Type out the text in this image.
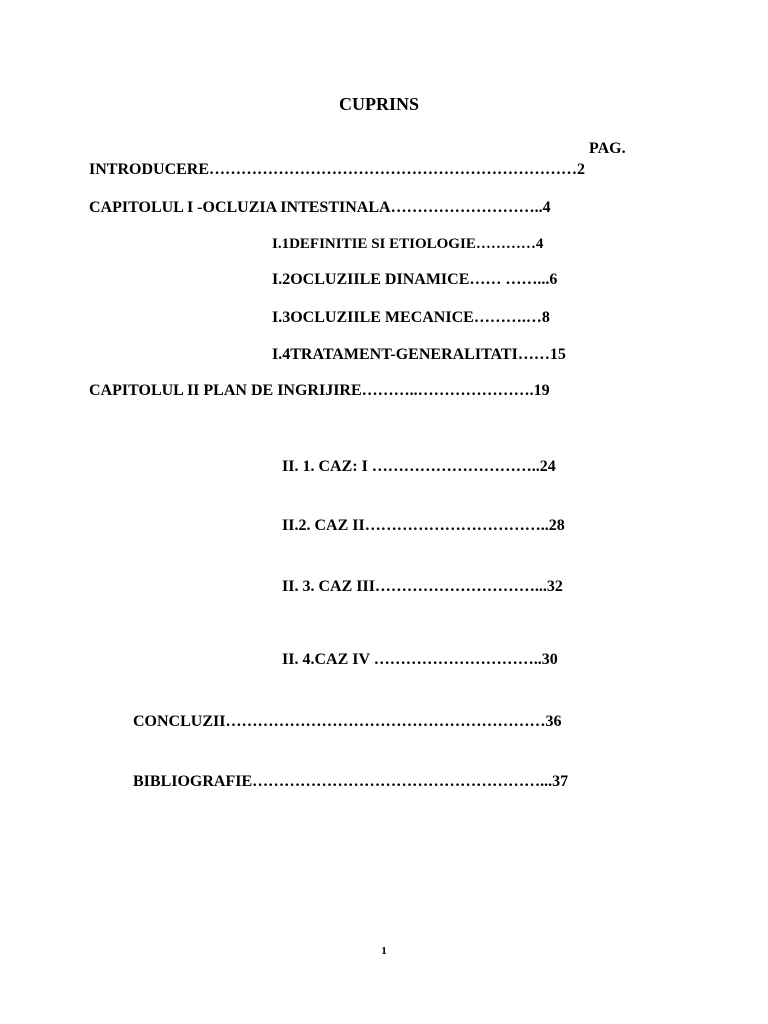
CUPRINS
PAG.
INTRODUCERE……………………………………………………………2
CAPITOLUL I -OCLUZIA INTESTINALA………………………..4
I.1DEFINITIE SI ETIOLOGIE…………4
I.2OCLUZIILE DINAMICE…… ……...6
I.3OCLUZIILE MECANICE……….…8
I.4TRATAMENT-GENERALITATI……15
CAPITOLUL II PLAN DE INGRIJIRE………..………………….19
II. 1. CAZ: I …………………………..24
II.2. CAZ II……………………………..28
II. 3. CAZ III…………………………...32
II. 4.CAZ IV …………………………..30
CONCLUZII……………………………………………………36
BIBLIOGRAFIE………………………………………………...37
1
